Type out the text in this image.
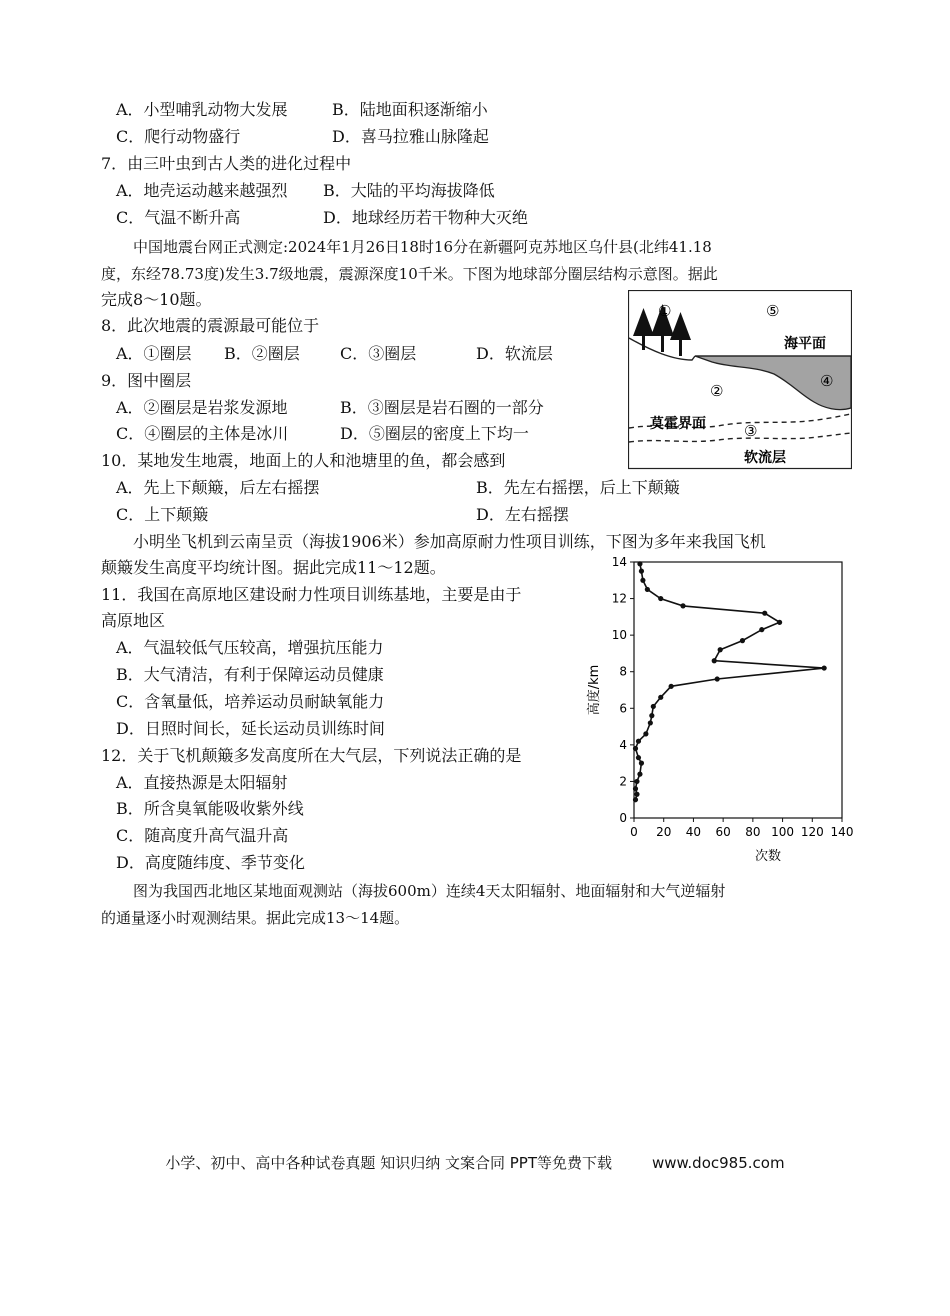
A．小型哺乳动物大发展	B．陆地面积逐渐缩小
C．爬行动物盛行	D．喜马拉雅山脉隆起
7．由三叶虫到古人类的进化过程中
A．地壳运动越来越强烈 B．大陆的平均海拔降低
C．气温不断升高	D．地球经历若干物种大灭绝
中国地震台网正式测定:2024年1月26日18时16分在新疆阿克苏地区乌什县(北纬41.18
度，东经78.73度)发生3.7级地震，震源深度10千米。下图为地球部分圈层结构示意图。据此
完成8～10题。
8．此次地震的震源最可能位于
A．①圈层 B．②圈层	C．③圈层	D．软流层
9．图中圈层
A．②圈层是岩浆发源地	B．③圈层是岩石圈的一部分
C．④圈层的主体是冰川	D．⑤圈层的密度上下均一
10．某地发生地震，地面上的人和池塘里的鱼，都会感到
A．先上下颠簸，后左右摇摆	B．先左右摇摆，后上下颠簸
C．上下颠簸	D．左右摇摆
①	⑤
海平面
②
④
莫霍界面	③
软流层
小明坐飞机到云南呈贡（海拔1906米）参加高原耐力性项目训练，下图为多年来我国飞机
颠簸发生高度平均统计图。据此完成11～12题。
11．我国在高原地区建设耐力性项目训练基地，主要是由于
高原地区
A．气温较低气压较高，增强抗压能力
B．大气清洁，有利于保障运动员健康
C．含氧量低，培养运动员耐缺氧能力
D．日照时间长，延长运动员训练时间
12．关于飞机颠簸多发高度所在大气层，下列说法正确的是
A．直接热源是太阳辐射
B．所含臭氧能吸收紫外线
C．随高度升高气温升高
D．高度随纬度、季节变化
0 20 40 60 80 100 120 140
0
2
4
6
8
10
12
14
次数
高度/km
图为我国西北地区某地面观测站（海拔600m）连续4天太阳辐射、地面辐射和大气逆辐射
的通量逐小时观测结果。据此完成13～14题。
小学、初中、高中各种试卷真题 知识归纳 文案合同 PPT等免费下载	www.doc985.com
